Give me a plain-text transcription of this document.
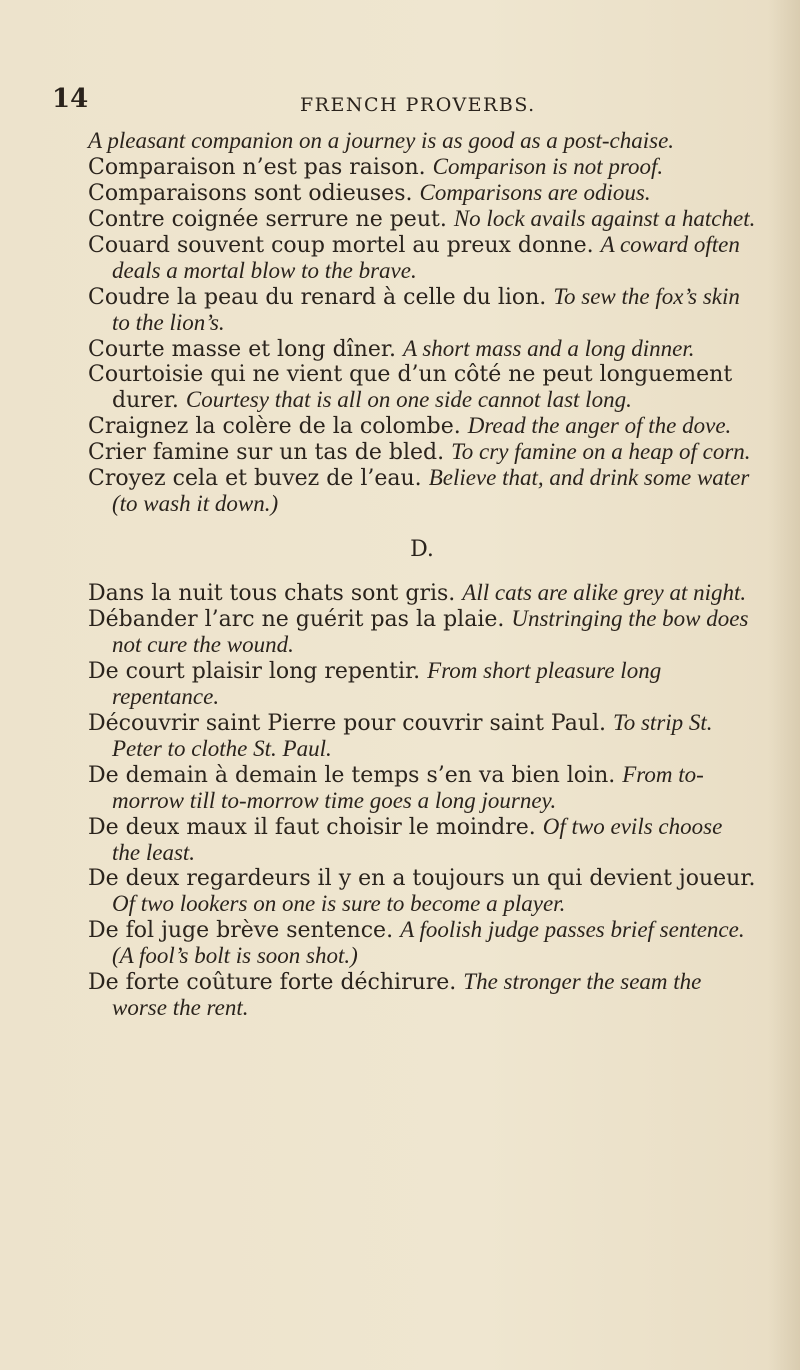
14	FRENCH PROVERBS.
A pleasant companion on a journey is as good as a post-chaise.
Comparaison n’est pas raison. Comparison is not proof.
Comparaisons sont odieuses. Comparisons are odious.
Contre coignée serrure ne peut. No lock avails against a hatchet.
Couard souvent coup mortel au preux donne. A coward often deals a mortal blow to the brave.
Coudre la peau du renard à celle du lion. To sew the fox’s skin to the lion’s.
Courte masse et long dîner. A short mass and a long dinner.
Courtoisie qui ne vient que d’un côté ne peut longuement durer. Courtesy that is all on one side cannot last long.
Craignez la colère de la colombe. Dread the anger of the dove.
Crier famine sur un tas de bled. To cry famine on a heap of corn.
Croyez cela et buvez de l’eau. Believe that, and drink some water (to wash it down.)
D.
Dans la nuit tous chats sont gris. All cats are alike grey at night.
Débander l’arc ne guérit pas la plaie. Unstringing the bow does not cure the wound.
De court plaisir long repentir. From short pleasure long repentance.
Découvrir saint Pierre pour couvrir saint Paul. To strip St. Peter to clothe St. Paul.
De demain à demain le temps s’en va bien loin. From to-morrow till to-morrow time goes a long journey.
De deux maux il faut choisir le moindre. Of two evils choose the least.
De deux regardeurs il y en a toujours un qui devient joueur. Of two lookers on one is sure to become a player.
De fol juge brève sentence. A foolish judge passes brief sentence. (A fool’s bolt is soon shot.)
De forte coûture forte déchirure. The stronger the seam the worse the rent.
